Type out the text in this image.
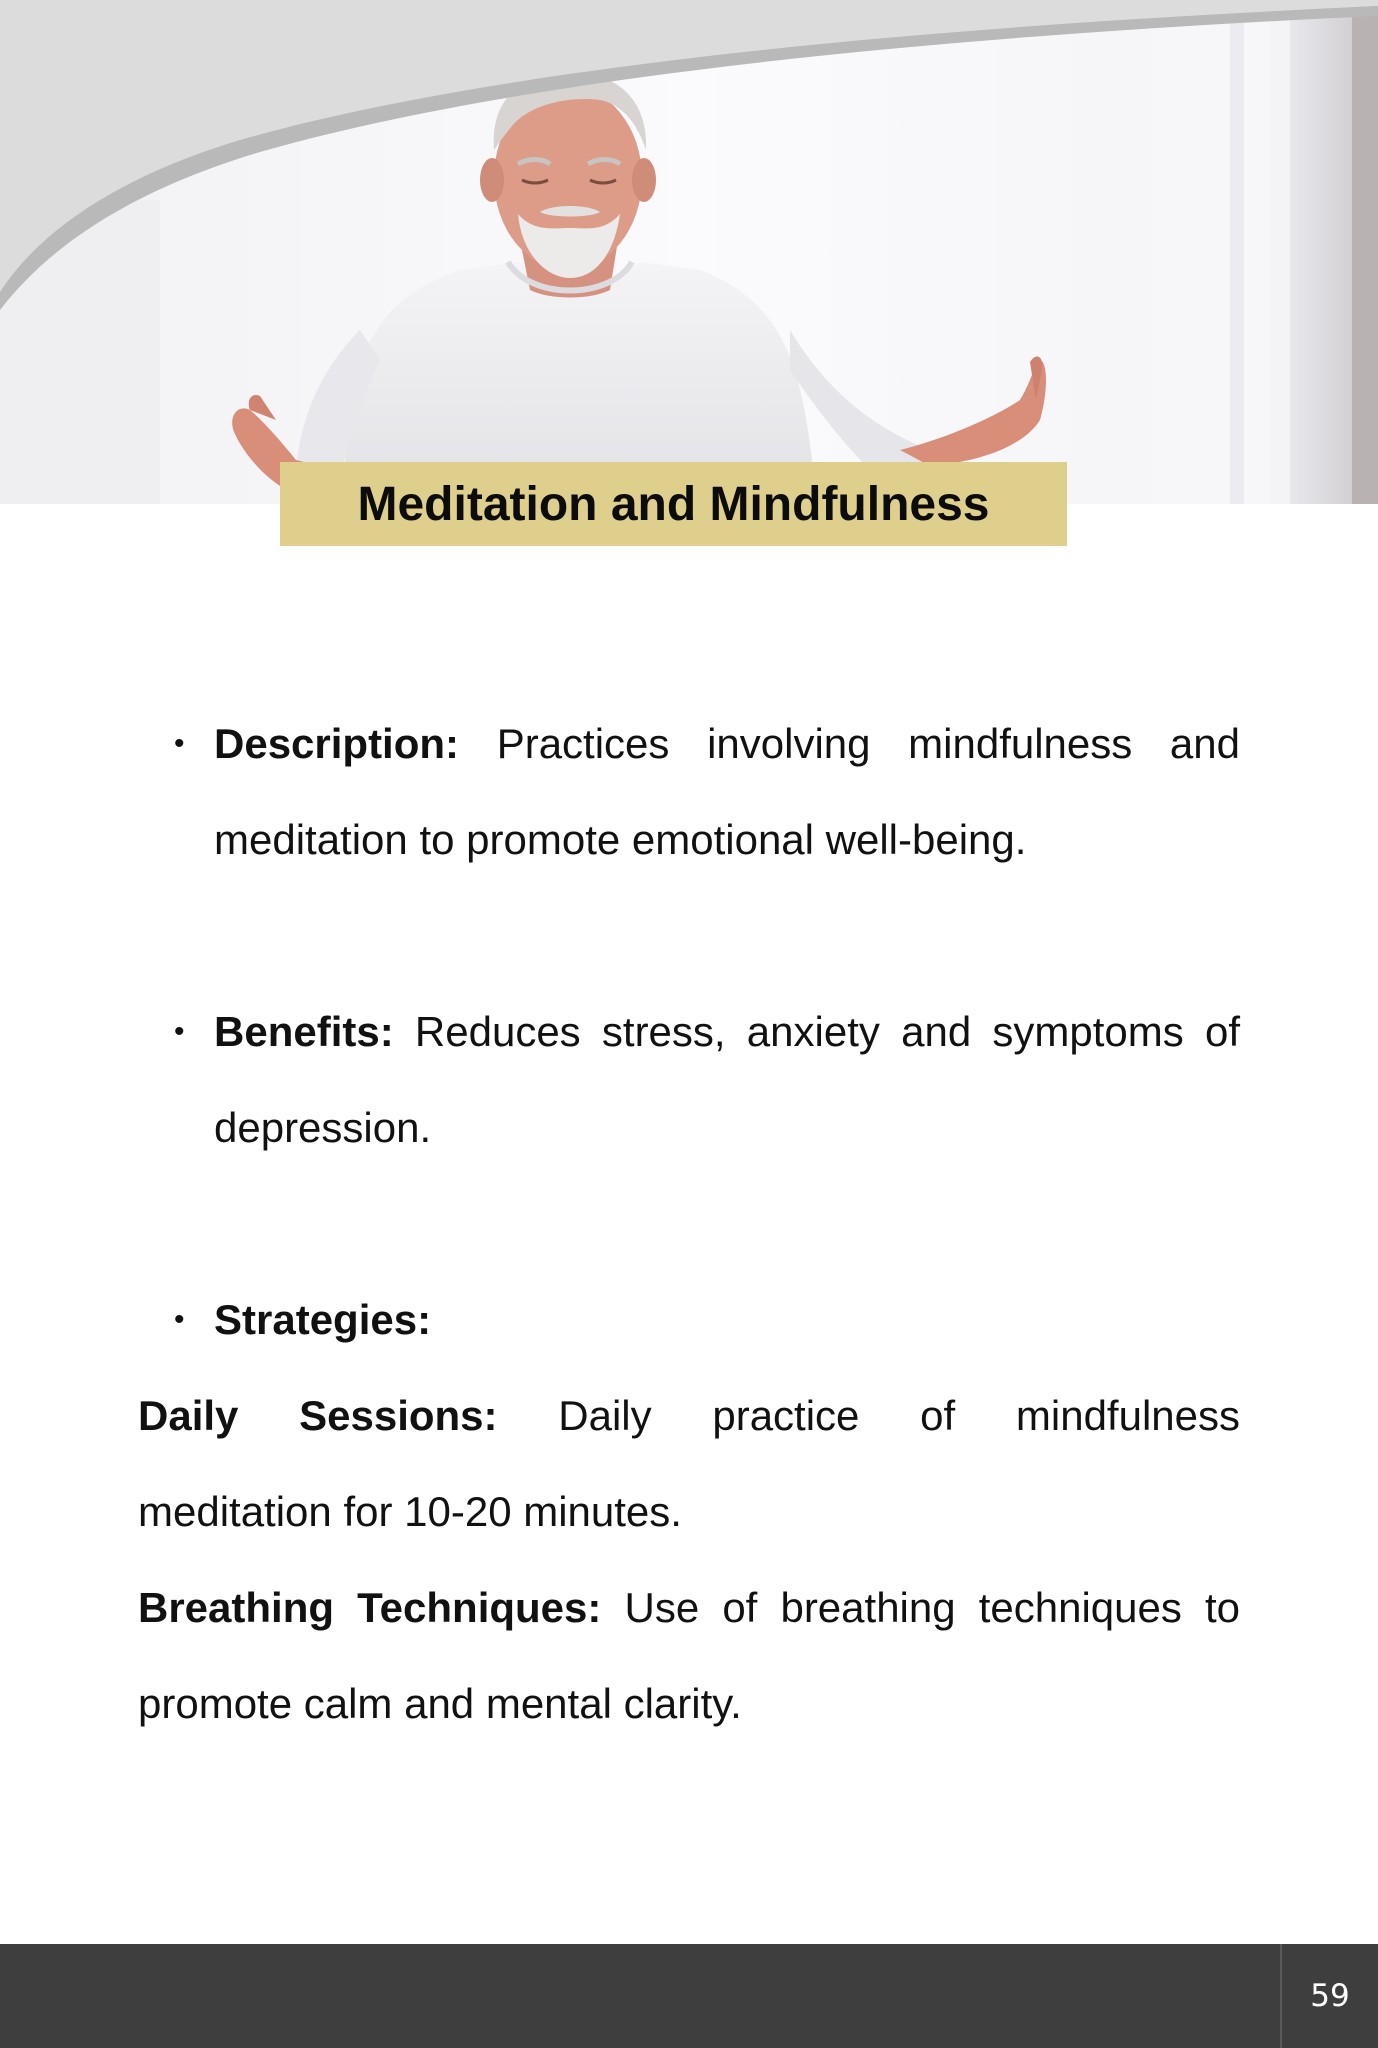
Meditation and Mindfulness
• Description: Practices involving mindfulness and
meditation to promote emotional well-being.
• Benefits: Reduces stress, anxiety and symptoms of
depression.
• Strategies:
Daily Sessions: Daily practice of mindfulness
meditation for 10-20 minutes.
Breathing Techniques: Use of breathing techniques to
promote calm and mental clarity.
59
